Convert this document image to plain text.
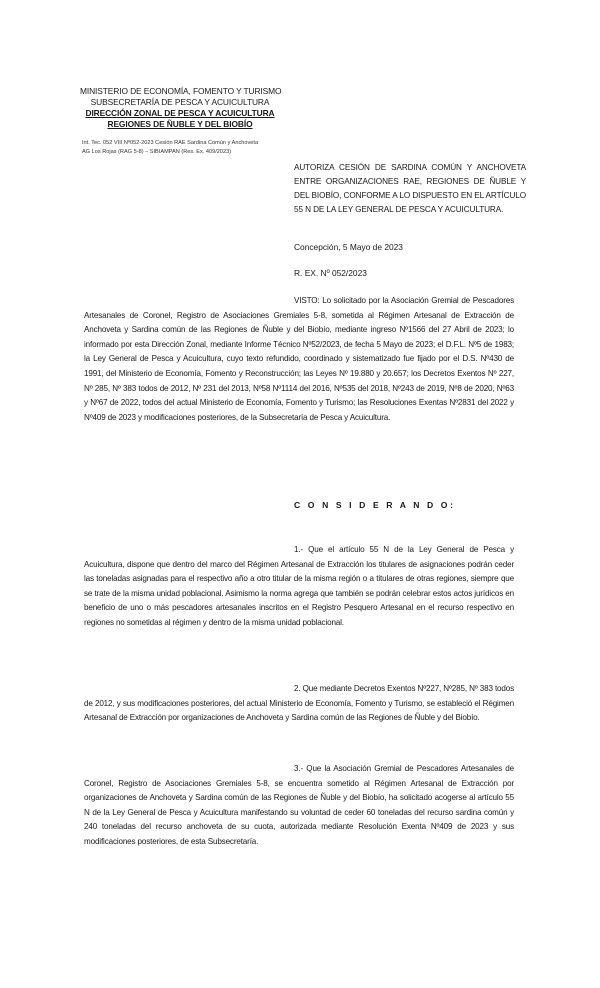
MINISTERIO DE ECONOMÍA, FOMENTO Y TURISMO
SUBSECRETARÍA DE PESCA Y ACUICULTURA
DIRECCIÓN ZONAL DE PESCA Y ACUICULTURA
REGIONES DE ÑUBLE Y DEL BIOBÍO
Int. Tec. 052 VIII Nº052-2023 Cesión RAE Sardina Común y Anchoveta
AG Los Rojas (RAG 5-8) – SIBIAMPAN (Res. Ex. 409/2023)
AUTORIZA CESIÓN DE SARDINA COMÚN Y ANCHOVETA ENTRE ORGANIZACIONES RAE, REGIONES DE ÑUBLE Y DEL BIOBÍO, CONFORME A LO DISPUESTO EN EL ARTÍCULO 55 N DE LA LEY GENERAL DE PESCA Y ACUICULTURA.
Concepción, 5 Mayo de 2023
R. EX. Nº 052/2023
VISTO: Lo solicitado por la Asociación Gremial de Pescadores Artesanales de Coronel, Registro de Asociaciones Gremiales 5-8, sometida al Régimen Artesanal de Extracción de Anchoveta y Sardina común de las Regiones de Ñuble y del Biobío, mediante ingreso Nº1566 del 27 Abril de 2023; lo informado por esta Dirección Zonal, mediante Informe Técnico Nº52/2023, de fecha 5 Mayo de 2023; el D.F.L. Nº5 de 1983; la Ley General de Pesca y Acuicultura, cuyo texto refundido, coordinado y sistematizado fue fijado por el D.S. Nº430 de 1991, del Ministerio de Economía, Fomento y Reconstrucción; las Leyes Nº 19.880 y 20.657; los Decretos Exentos Nº 227, Nº 285, Nº 383 todos de 2012, Nº 231 del 2013, Nº58 Nº1114 del 2016, Nº535 del 2018, Nº243 de 2019, Nº8 de 2020, Nº63 y Nº67 de 2022, todos del actual Ministerio de Economía, Fomento y Turismo; las Resoluciones Exentas Nº2831 del 2022 y Nº409 de 2023 y modificaciones posteriores, de la Subsecretaría de Pesca y Acuicultura.
C O N S I D E R A N D O:
1.- Que el artículo 55 N de la Ley General de Pesca y Acuicultura, dispone que dentro del marco del Régimen Artesanal de Extracción los titulares de asignaciones podrán ceder las toneladas asignadas para el respectivo año a otro titular de la misma región o a titulares de otras regiones, siempre que se trate de la misma unidad poblacional. Asimismo la norma agrega que también se podrán celebrar estos actos jurídicos en beneficio de uno o más pescadores artesanales inscritos en el Registro Pesquero Artesanal en el recurso respectivo en regiones no sometidas al régimen y dentro de la misma unidad poblacional.
2. Que mediante Decretos Exentos Nº227, Nº285, Nº 383 todos de 2012, y sus modificaciones posteriores, del actual Ministerio de Economía, Fomento y Turismo, se estableció el Régimen Artesanal de Extracción por organizaciones de Anchoveta y Sardina común de las Regiones de Ñuble y del Biobío.
3.- Que la Asociación Gremial de Pescadores Artesanales de Coronel, Registro de Asociaciones Gremiales 5-8, se encuentra sometido al Régimen Artesanal de Extracción por organizaciones de Anchoveta y Sardina común de las Regiones de Ñuble y del Biobío, ha solicitado acogerse al artículo 55 N de la Ley General de Pesca y Acuicultura manifestando su voluntad de ceder 60 toneladas del recurso sardina común y 240 toneladas del recurso anchoveta de su cuota, autorizada mediante Resolución Exenta Nº409 de 2023 y sus modificaciones posteriores, de esta Subsecretaría.
